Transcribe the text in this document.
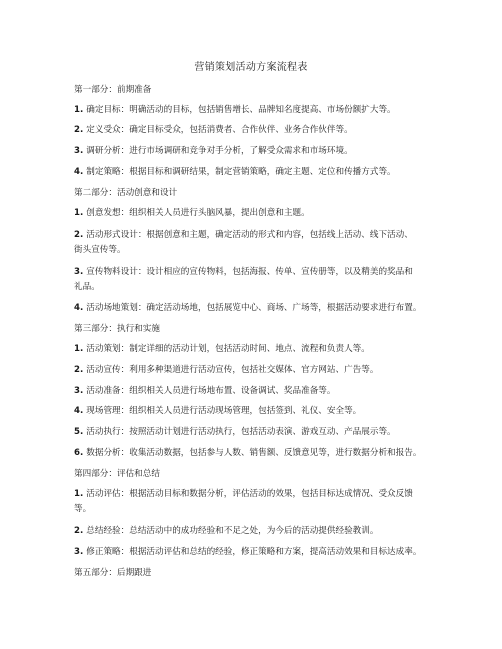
营销策划活动方案流程表
第一部分：前期准备
1. 确定目标：明确活动的目标，包括销售增长、品牌知名度提高、市场份额扩大等。
2. 定义受众：确定目标受众，包括消费者、合作伙伴、业务合作伙伴等。
3. 调研分析：进行市场调研和竞争对手分析，了解受众需求和市场环境。
4. 制定策略：根据目标和调研结果，制定营销策略，确定主题、定位和传播方式等。
第二部分：活动创意和设计
1. 创意发想：组织相关人员进行头脑风暴，提出创意和主题。
2. 活动形式设计：根据创意和主题，确定活动的形式和内容，包括线上活动、线下活动、
街头宣传等。
3. 宣传物料设计：设计相应的宣传物料，包括海报、传单、宣传册等，以及精美的奖品和
礼品。
4. 活动场地策划：确定活动场地，包括展览中心、商场、广场等，根据活动要求进行布置。
第三部分：执行和实施
1. 活动策划：制定详细的活动计划，包括活动时间、地点、流程和负责人等。
2. 活动宣传：利用多种渠道进行活动宣传，包括社交媒体、官方网站、广告等。
3. 活动准备：组织相关人员进行场地布置、设备调试、奖品准备等。
4. 现场管理：组织相关人员进行活动现场管理，包括签到、礼仪、安全等。
5. 活动执行：按照活动计划进行活动执行，包括活动表演、游戏互动、产品展示等。
6. 数据分析：收集活动数据，包括参与人数、销售额、反馈意见等，进行数据分析和报告。
第四部分：评估和总结
1. 活动评估：根据活动目标和数据分析，评估活动的效果，包括目标达成情况、受众反馈
等。
2. 总结经验：总结活动中的成功经验和不足之处，为今后的活动提供经验教训。
3. 修正策略：根据活动评估和总结的经验，修正策略和方案，提高活动效果和目标达成率。
第五部分：后期跟进
